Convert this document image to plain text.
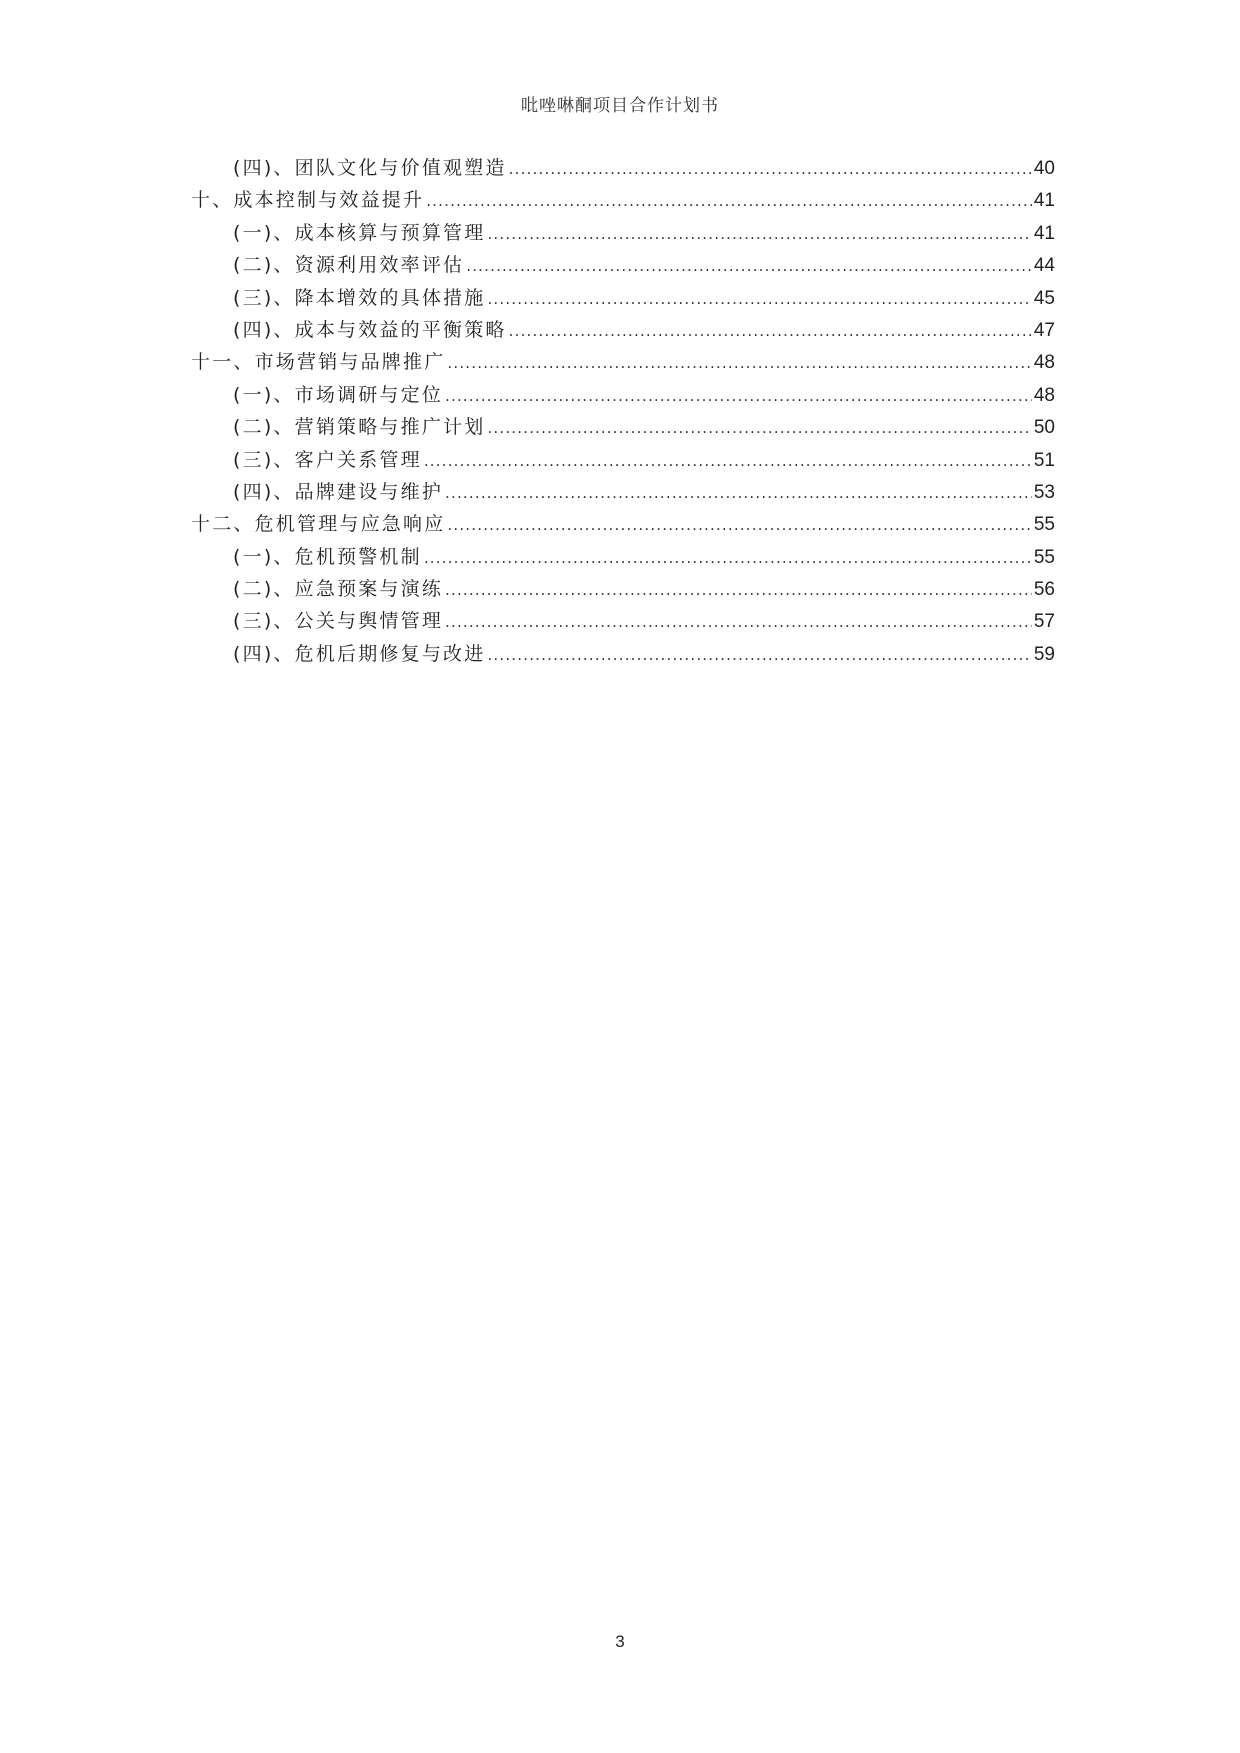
吡唑啉酮项目合作计划书
(四)、团队文化与价值观塑造 .....	40
十、成本控制与效益提升 .....	41
(一)、成本核算与预算管理 .....	41
(二)、资源利用效率评估 .....	44
(三)、降本增效的具体措施 .....	45
(四)、成本与效益的平衡策略 .....	47
十一、市场营销与品牌推广 .....	48
(一)、市场调研与定位 .....	48
(二)、营销策略与推广计划 .....	50
(三)、客户关系管理 .....	51
(四)、品牌建设与维护 .....	53
十二、危机管理与应急响应 .....	55
(一)、危机预警机制 .....	55
(二)、应急预案与演练 .....	56
(三)、公关与舆情管理 .....	57
(四)、危机后期修复与改进 .....	59
3
